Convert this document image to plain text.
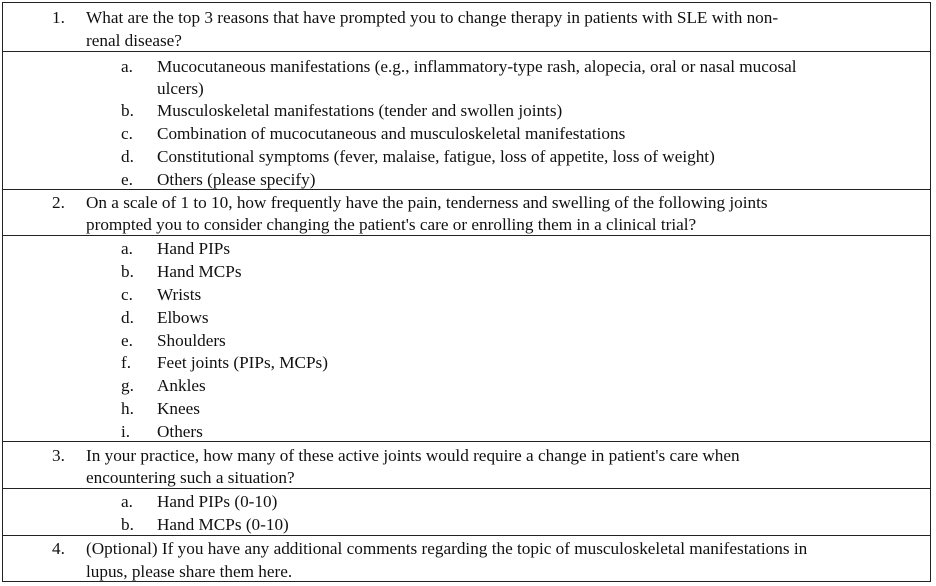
1.	What are the top 3 reasons that have prompted you to change therapy in patients with SLE with non-
renal disease?
a.	Mucocutaneous manifestations (e.g., inflammatory-type rash, alopecia, oral or nasal mucosal
ulcers)
b.	Musculoskeletal manifestations (tender and swollen joints)
c.	Combination of mucocutaneous and musculoskeletal manifestations
d.	Constitutional symptoms (fever, malaise, fatigue, loss of appetite, loss of weight)
e.	Others (please specify)
2.	On a scale of 1 to 10, how frequently have the pain, tenderness and swelling of the following joints
prompted you to consider changing the patient's care or enrolling them in a clinical trial?
a.	Hand PIPs
b.	Hand MCPs
c.	Wrists
d.	Elbows
e.	Shoulders
f.	Feet joints (PIPs, MCPs)
g.	Ankles
h.	Knees
i.	Others
3.	In your practice, how many of these active joints would require a change in patient's care when
encountering such a situation?
a.	Hand PIPs (0-10)
b.	Hand MCPs (0-10)
4.	(Optional) If you have any additional comments regarding the topic of musculoskeletal manifestations in
lupus, please share them here.
